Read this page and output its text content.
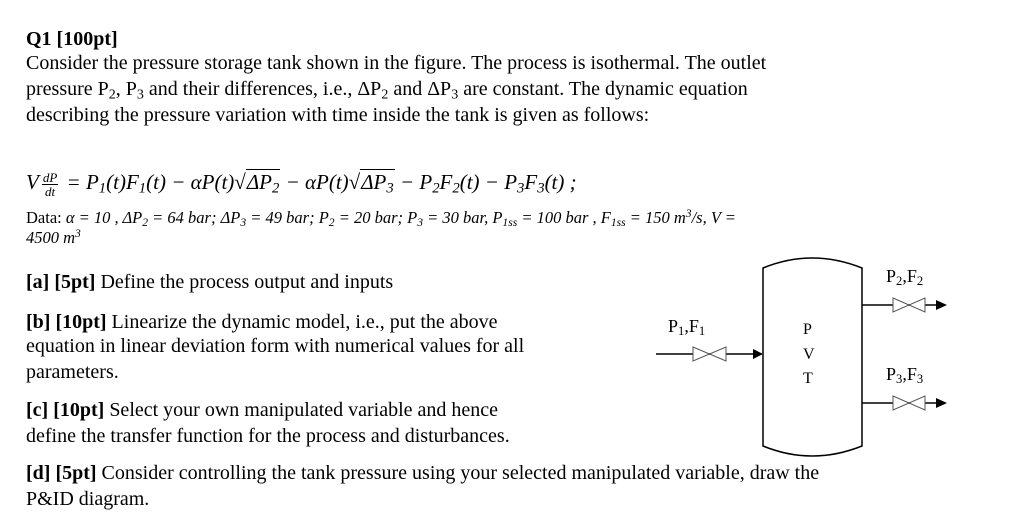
Q1 [100pt]
Consider the pressure storage tank shown in the figure. The process is isothermal. The outlet
pressure $P_2$, $P_3$ and their differences, i.e., $\Delta P_2$ and $\Delta P_3$ are constant. The dynamic equation
describing the pressure variation with time inside the tank is given as follows:
V $\frac{dP}{dt} = P_1(t)F_1(t) - \alpha P(t)√\Delta P_2 - \alpha P(t)√\Delta P_3 - P_2F_2(t) - P_3F_3(t)$ ;
Data: α = 10 , $\Delta P_2 = 64$ bar; $\Delta P_3 = 49$ bar; $P_2 = 20$ bar; $P_3 = 30$ bar, $P_{1ss} = 100$ bar , $F_{1ss} = 150$ $m^3/s$, V =
4500 $m^3$
[a] [5pt] Define the process output and inputs
[b] [10pt] Linearize the dynamic model, i.e., put the above
equation in linear deviation form with numerical values for all
parameters.
[c] [10pt] Select your own manipulated variable and hence
define the transfer function for the process and disturbances.
[d] [5pt] Consider controlling the tank pressure using your selected manipulated variable, draw the
P&ID diagram.
$P_1,F_1$
$P_2,F_2$
$P_3,F_3$
P
V
T
